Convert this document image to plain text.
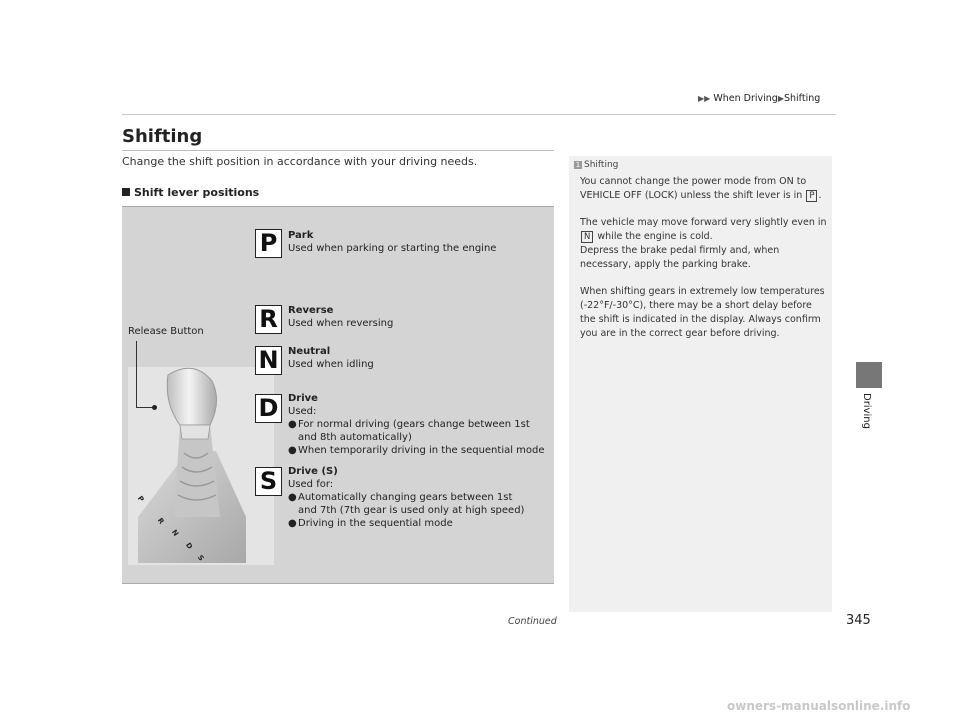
▶▶ When Driving▶Shifting
Shifting
Change the shift position in accordance with your driving needs.
Shift lever positions
P
R
N
D
S
Release Button
P	Park
Used when parking or starting the engine
R	Reverse
Used when reversing
N Neutral
Used when idling
D Drive
Used:
●For normal driving (gears change between 1st
and 8th automatically)
●When temporarily driving in the sequential mode
S	Drive (S)
Used for:
●Automatically changing gears between 1st
and 7th (7th gear is used only at high speed)
●Driving in the sequential mode
1 Shifting

You cannot change the power mode from ON to VEHICLE OFF (LOCK) unless the shift lever is in P .

The vehicle may move forward very slightly even in
N while the engine is cold.
Depress the brake pedal firmly and, when necessary, apply the parking brake.

When shifting gears in extremely low temperatures (-22°F/-30°C), there may be a short delay before the shift is indicated in the display. Always confirm you are in the correct gear before driving.

Driving
Continued	345
owners-manualsonline.info
